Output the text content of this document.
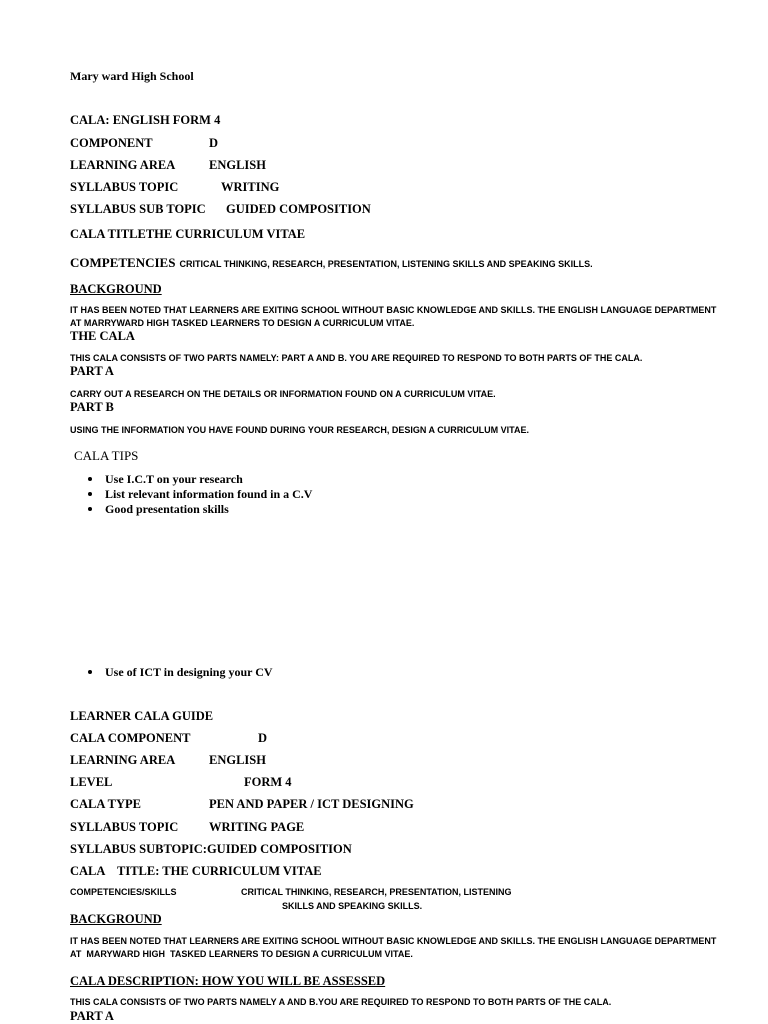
Mary ward High School
CALA: ENGLISH FORM 4
COMPONENT	D
LEARNING AREA	ENGLISH
SYLLABUS TOPIC	WRITING
SYLLABUS SUB TOPIC GUIDED COMPOSITION
CALA TITLETHE CURRICULUM VITAE
COMPETENCIES CRITICAL THINKING, RESEARCH, PRESENTATION, LISTENING SKILLS AND SPEAKING SKILLS.
BACKGROUND
IT HAS BEEN NOTED THAT LEARNERS ARE EXITING SCHOOL WITHOUT BASIC KNOWLEDGE AND SKILLS. THE ENGLISH LANGUAGE DEPARTMENT
AT MARRYWARD HIGH TASKED LEARNERS TO DESIGN A CURRICULUM VITAE.
THE CALA
THIS CALA CONSISTS OF TWO PARTS NAMELY: PART A AND B. YOU ARE REQUIRED TO RESPOND TO BOTH PARTS OF THE CALA.
PART A
CARRY OUT A RESEARCH ON THE DETAILS OR INFORMATION FOUND ON A CURRICULUM VITAE.
PART B
USING THE INFORMATION YOU HAVE FOUND DURING YOUR RESEARCH, DESIGN A CURRICULUM VITAE.
CALA TIPS
Use I.C.T on your research
List relevant information found in a C.V
Good presentation skills
Use of ICT in designing your CV
LEARNER CALA GUIDE
CALA COMPONENT	D
LEARNING AREA	ENGLISH
LEVEL	FORM 4
CALA TYPE	PEN AND PAPER / ICT DESIGNING
SYLLABUS TOPIC WRITING PAGE
SYLLABUS SUBTOPIC:GUIDED COMPOSITION
CALA    TITLE: THE CURRICULUM VITAE
COMPETENCIES/SKILLS	CRITICAL THINKING, RESEARCH, PRESENTATION, LISTENING
SKILLS AND SPEAKING SKILLS.
BACKGROUND
IT HAS BEEN NOTED THAT LEARNERS ARE EXITING SCHOOL WITHOUT BASIC KNOWLEDGE AND SKILLS. THE ENGLISH LANGUAGE DEPARTMENT
AT  MARYWARD HIGH  TASKED LEARNERS TO DESIGN A CURRICULUM VITAE.
CALA DESCRIPTION: HOW YOU WILL BE ASSESSED
THIS CALA CONSISTS OF TWO PARTS NAMELY A AND B.YOU ARE REQUIRED TO RESPOND TO BOTH PARTS OF THE CALA.
PART A
